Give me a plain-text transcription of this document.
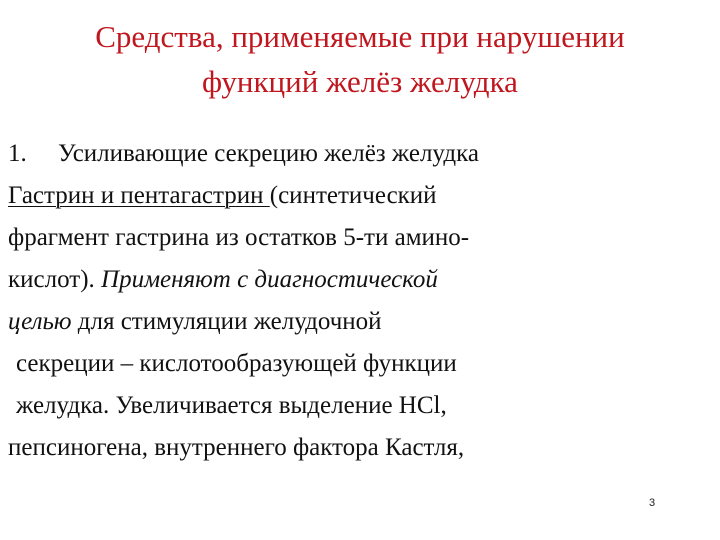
Средства, применяемые при нарушении
функций желёз желудка
1. Усиливающие секрецию желёз желудка
Гастрин и пентагастрин (синтетический
фрагмент гастрина из остатков 5-ти амино-
кислот). Применяют с диагностической
целью для стимуляции желудочной
секреции – кислотообразующей функции
желудка. Увеличивается выделение HCl,
пепсиногена, внутреннего фактора Кастля,
3
